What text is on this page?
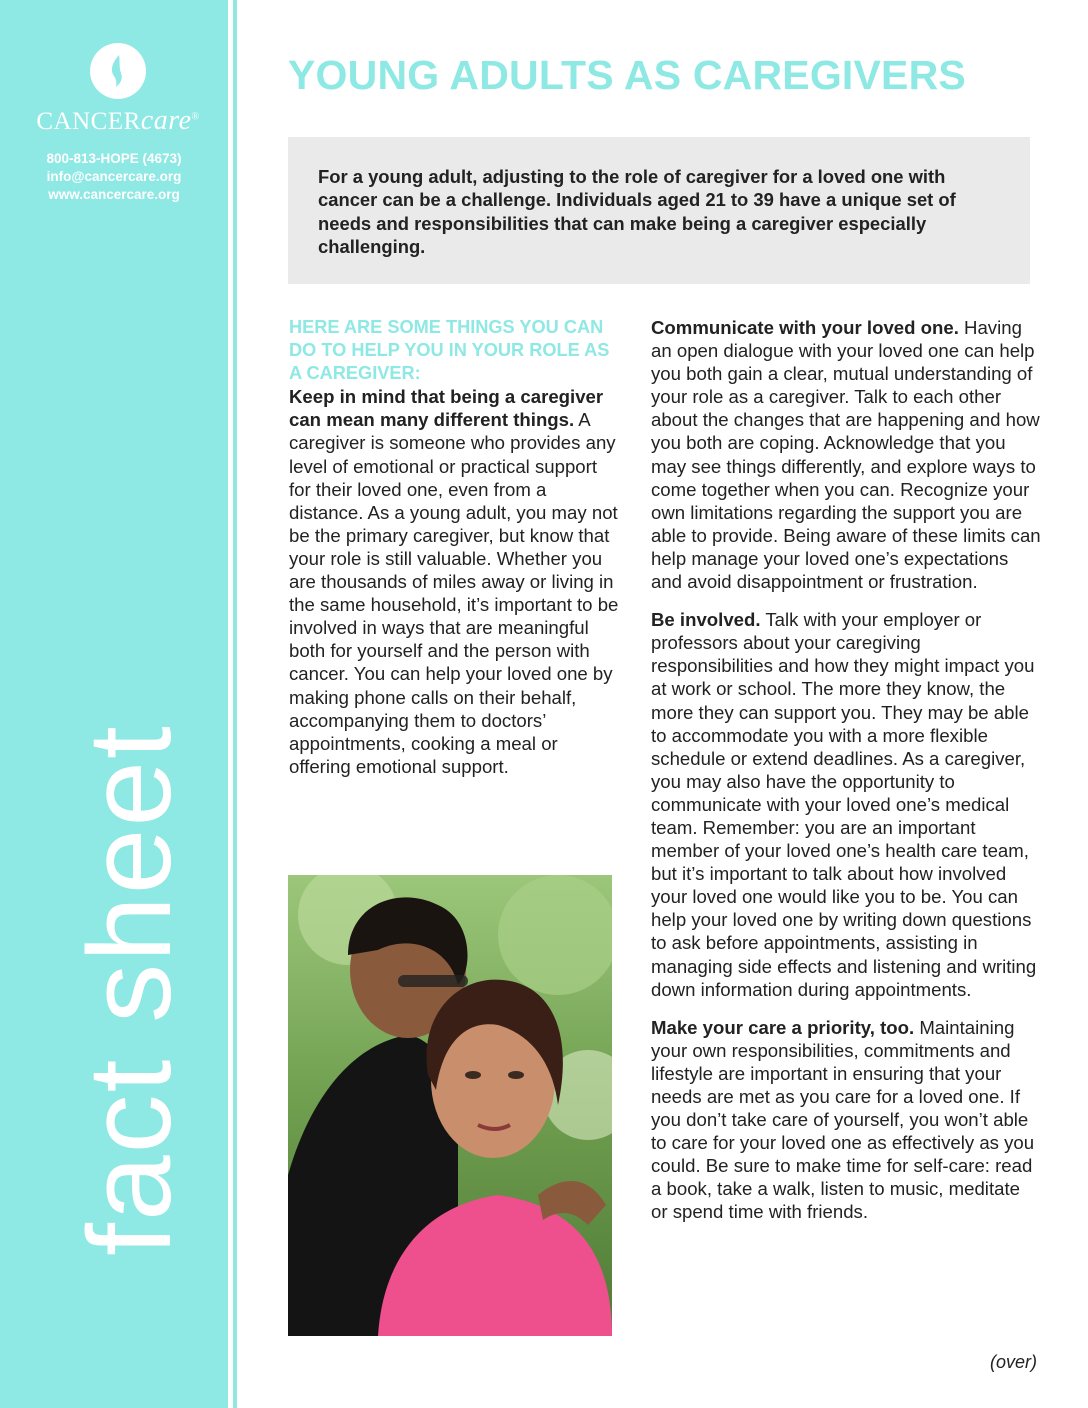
CANCERcare®
800-813-HOPE (4673)
info@cancercare.org
www.cancercare.org
fact sheet
YOUNG ADULTS AS CAREGIVERS

For a young adult, adjusting to the role of caregiver for a loved one with cancer can be a challenge. Individuals aged 21 to 39 have a unique set of needs and responsibilities that can make being a caregiver especially challenging.

HERE ARE SOME THINGS YOU CAN DO TO HELP YOU IN YOUR ROLE AS A CAREGIVER:

Keep in mind that being a caregiver can mean many different things. A caregiver is someone who provides any level of emotional or practical support for their loved one, even from a distance. As a young adult, you may not be the primary caregiver, but know that your role is still valuable. Whether you are thousands of miles away or living in the same household, it’s important to be involved in ways that are meaningful both for yourself and the person with cancer. You can help your loved one by making phone calls on their behalf, accompanying them to doctors’ appointments, cooking a meal or offering emotional support.

Communicate with your loved one. Having an open dialogue with your loved one can help you both gain a clear, mutual understanding of your role as a caregiver. Talk to each other about the changes that are happening and how you both are coping. Acknowledge that you may see things differently, and explore ways to come together when you can. Recognize your own limitations regarding the support you are able to provide. Being aware of these limits can help manage your loved one’s expectations and avoid disappointment or frustration.

Be involved. Talk with your employer or professors about your caregiving responsibilities and how they might impact you at work or school. The more they know, the more they can support you. They may be able to accommodate you with a more flexible schedule or extend deadlines. As a caregiver, you may also have the opportunity to communicate with your loved one’s medical team. Remember: you are an important member of your loved one’s health care team, but it’s important to talk about how involved your loved one would like you to be. You can help your loved one by writing down questions to ask before appointments, assisting in managing side effects and listening and writing down information during appointments.

Make your care a priority, too. Maintaining your own responsibilities, commitments and lifestyle are important in ensuring that your needs are met as you care for a loved one. If you don’t take care of yourself, you won’t able to care for your loved one as effectively as you could. Be sure to make time for self-care: read a book, take a walk, listen to music, meditate or spend time with friends.

(over)
